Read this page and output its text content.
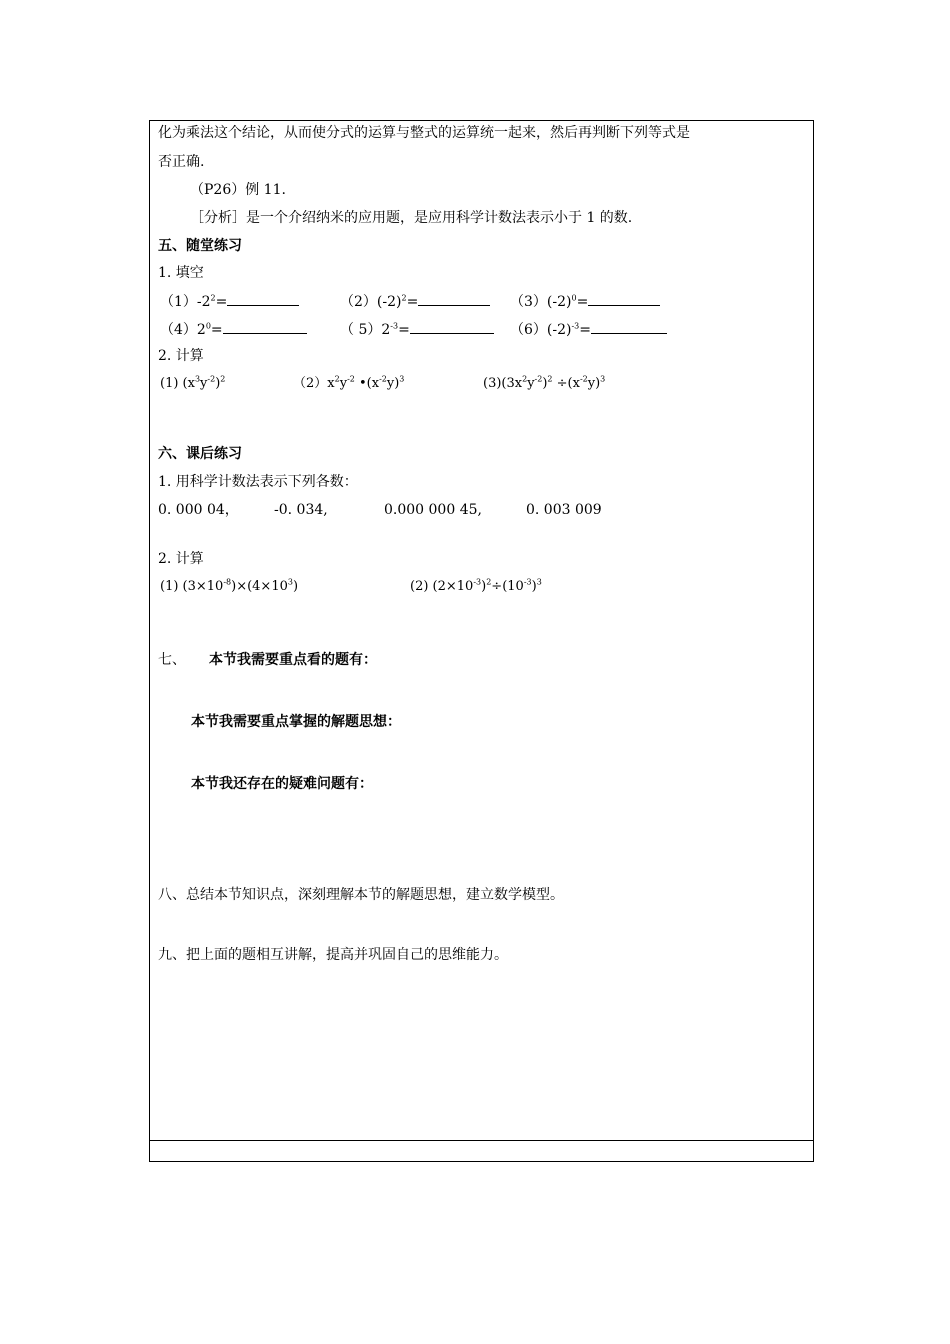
化为乘法这个结论，从而使分式的运算与整式的运算统一起来，然后再判断下列等式是
否正确.
（P26）例 11.
［分析］是一个介绍纳米的应用题，是应用科学计数法表示小于 1 的数.
五、随堂练习
1. 填空
$(1)-2^2=$	$(2)(-2)^2=$	$(3)(-2)^0=$
$(4)2^0=$	（ $5)2^{-3}=$	$(6)(-2)^{-3}=$
2. 计算
(1) $(x^3y^{-2})^2$	$(2)x^2y^{-2}$ $•(x^{-2}y)^3$	$(3)(3x^2y^{-2})^2 \div(x^{-2}y)^3$
六、课后练习
1. 用科学计数法表示下列各数：
0. 000 04，	-0. 034,	0.000 000 45,	0. 003 009
2. 计算
(1) $(3\times 10^{-8})\times(4\times 10^3)$	(2) $(2\times 10^{-3})^2\div(10^{-3})^3$
七、 本节我需要重点看的题有：
本节我需要重点掌握的解题思想：
本节我还存在的疑难问题有：
八、总结本节知识点，深刻理解本节的解题思想，建立数学模型。
九、把上面的题相互讲解，提高并巩固自己的思维能力。
